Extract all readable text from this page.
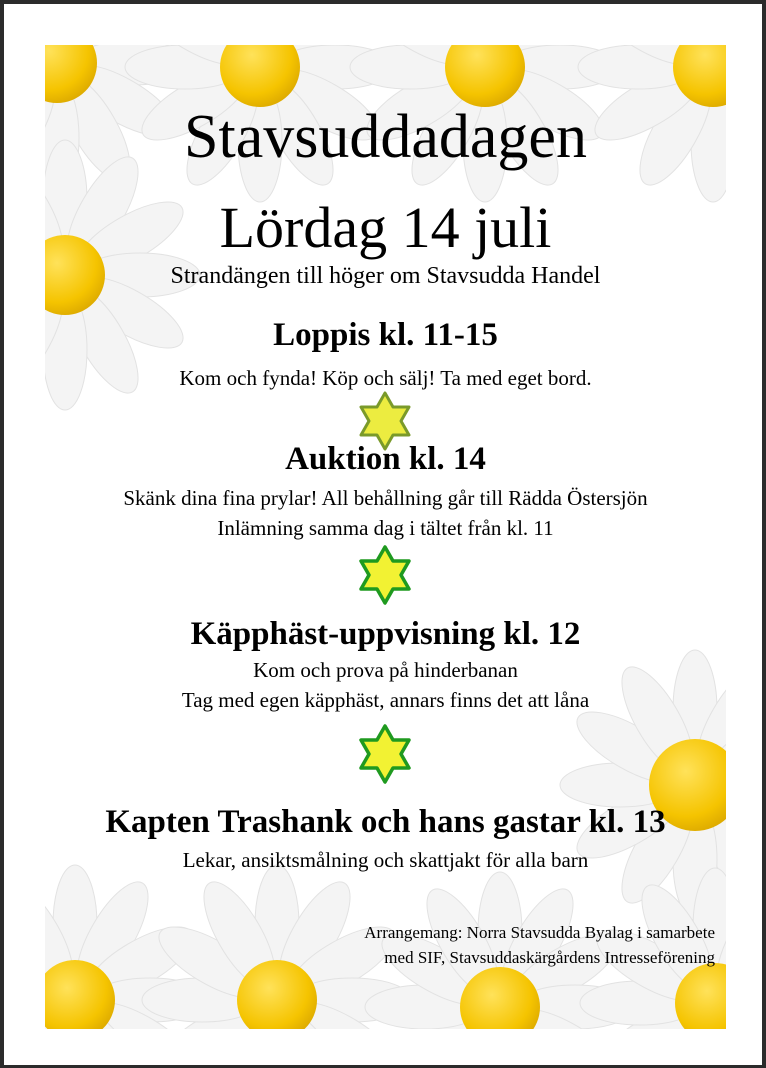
Stavsuddadagen
Lördag 14 juli
Strandängen till höger om Stavsudda Handel
Loppis kl. 11-15
Kom och fynda! Köp och sälj! Ta med eget bord.
Auktion kl. 14
Skänk dina fina prylar! All behållning går till Rädda Östersjön
Inlämning samma dag i tältet från kl. 11
Käpphäst-uppvisning kl. 12
Kom och prova på hinderbanan
Tag med egen käpphäst, annars finns det att låna
Kapten Trashank och hans gastar kl. 13
Lekar, ansiktsmålning och skattjakt för alla barn
Arrangemang: Norra Stavsudda Byalag i samarbete
med SIF, Stavsuddaskärgårdens Intresseförening
